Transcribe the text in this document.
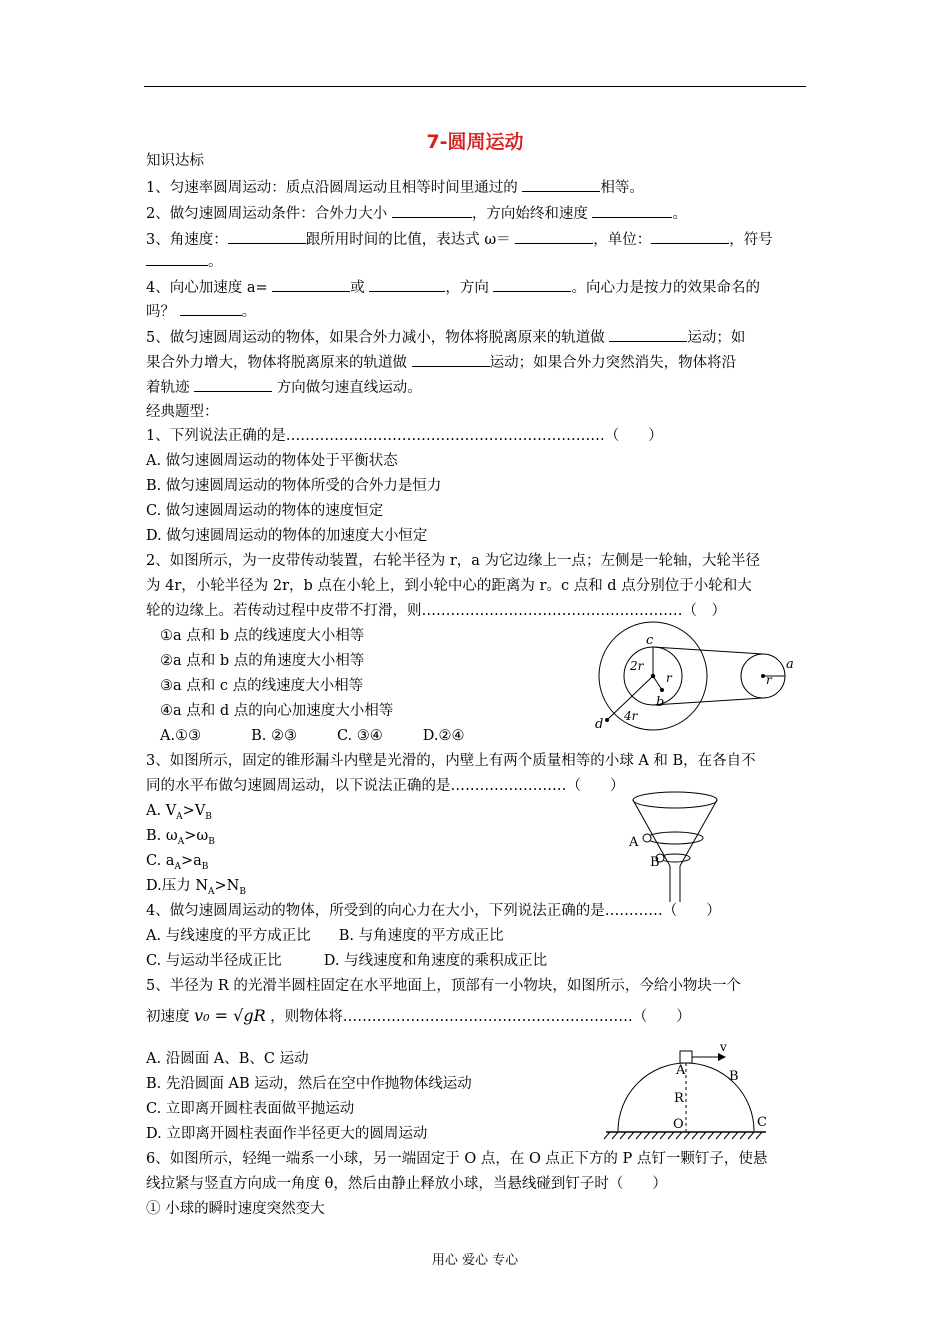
7-圆周运动
知识达标
1、匀速率圆周运动：质点沿圆周运动且相等时间里通过的	相等。
2、做匀速圆周运动条件：合外力大小	，方向始终和速度	。
3、角速度：	跟所用时间的比值，表达式 ω＝	，单位：	，符号
。
4、向心加速度 a=	或	，方向	。向心力是按力的效果命名的
吗？	。
5、做匀速圆周运动的物体，如果合外力减小，物体将脱离原来的轨道做	运动；如
果合外力增大，物体将脱离原来的轨道做	运动；如果合外力突然消失，物体将沿
着轨迹	方向做匀速直线运动。
经典题型：
1、下列说法正确的是…………………………………………………………（　　）
A. 做匀速圆周运动的物体处于平衡状态
B. 做匀速圆周运动的物体所受的合外力是恒力
C. 做匀速圆周运动的物体的速度恒定
D. 做匀速圆周运动的物体的加速度大小恒定
2、如图所示，为一皮带传动装置，右轮半径为 r，a 为它边缘上一点；左侧是一轮轴，大轮半径
为 4r，小轮半径为 2r，b 点在小轮上，到小轮中心的距离为 r。c 点和 d 点分别位于小轮和大
轮的边缘上。若传动过程中皮带不打滑，则………………………………………………（　）
①a 点和 b 点的线速度大小相等
②a 点和 b 点的角速度大小相等
③a 点和 c 点的线速度大小相等
④a 点和 d 点的向心加速度大小相等
A.①③	B. ②③	C. ③④	D.②④
c
2r
r
b
d
4r
a
r
3、如图所示，固定的锥形漏斗内壁是光滑的，内壁上有两个质量相等的小球 A 和 B，在各自不
同的水平布做匀速圆周运动，以下说法正确的是……………………（　　）
A. $V_A>V_B$
B. $\omega_A>\omega_B$
C. $a_A>a_B$
D.压力 $N_A>N_B$
A
B
4、做匀速圆周运动的物体，所受到的向心力在大小，下列说法正确的是…………（　　）
A. 与线速度的平方成正比 B. 与角速度的平方成正比
C. 与运动半径成正比	D. 与线速度和角速度的乘积成正比
5、半径为 R 的光滑半圆柱固定在水平地面上，顶部有一小物块，如图所示，今给小物块一个
初速度 v₀ = √gR ，则物体将……………………………………………………（　　）
A. 沿圆面 A、B、C 运动
B. 先沿圆面 AB 运动，然后在空中作抛物体线运动
C. 立即离开圆柱表面做平抛运动
D. 立即离开圆柱表面作半径更大的圆周运动
v
A	B
R
O	C
6、如图所示，轻绳一端系一小球，另一端固定于 O 点，在 O 点正下方的 P 点钉一颗钉子，使悬
线拉紧与竖直方向成一角度 θ，然后由静止释放小球，当悬线碰到钉子时（　　）
① 小球的瞬时速度突然变大
用心 爱心 专心
